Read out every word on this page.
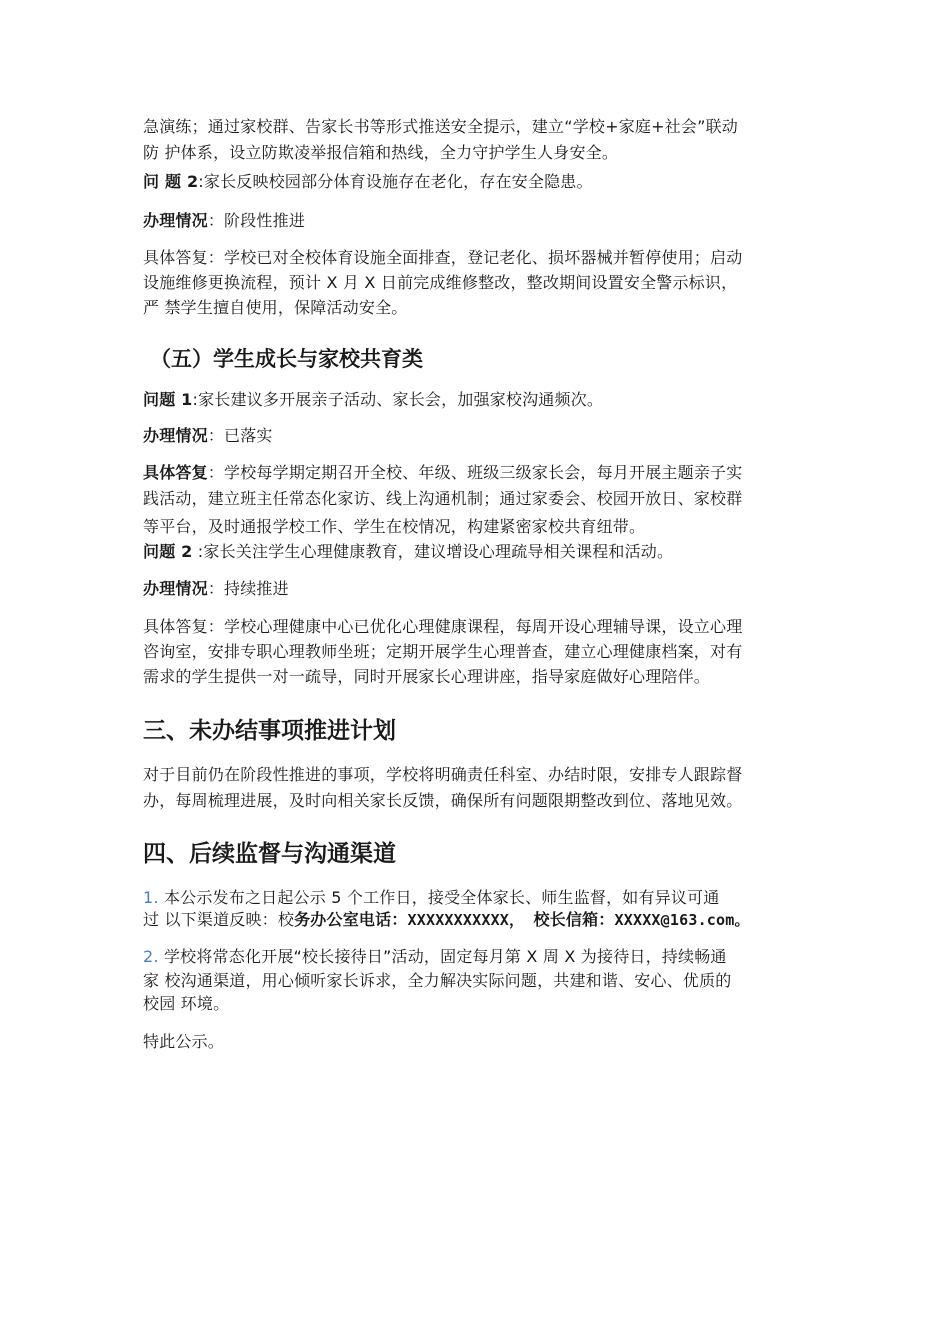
急演练；通过家校群、告家长书等形式推送安全提示，建立“学校+家庭+社会”联动
防 护体系，设立防欺凌举报信箱和热线，全力守护学生人身安全。
问 题 2:家长反映校园部分体育设施存在老化，存在安全隐患。
办理情况：阶段性推进
具体答复：学校已对全校体育设施全面排查，登记老化、损坏器械并暂停使用；启动
设施维修更换流程，预计 X 月 X 日前完成维修整改，整改期间设置安全警示标识，
严 禁学生擅自使用，保障活动安全。
（五）学生成长与家校共育类
问题 1:家长建议多开展亲子活动、家长会，加强家校沟通频次。
办理情况：已落实
具体答复：学校每学期定期召开全校、年级、班级三级家长会，每月开展主题亲子实
践活动，建立班主任常态化家访、线上沟通机制；通过家委会、校园开放日、家校群
等平台，及时通报学校工作、学生在校情况，构建紧密家校共育纽带。
问题 2 :家长关注学生心理健康教育，建议增设心理疏导相关课程和活动。
办理情况：持续推进
具体答复：学校心理健康中心已优化心理健康课程，每周开设心理辅导课，设立心理
咨询室，安排专职心理教师坐班；定期开展学生心理普查，建立心理健康档案，对有
需求的学生提供一对一疏导，同时开展家长心理讲座，指导家庭做好心理陪伴。
三、未办结事项推进计划
对于目前仍在阶段性推进的事项，学校将明确责任科室、办结时限，安排专人跟踪督
办，每周梳理进展，及时向相关家长反馈，确保所有问题限期整改到位、落地见效。
四、后续监督与沟通渠道
1. 本公示发布之日起公示 5 个工作日，接受全体家长、师生监督，如有异议可通
过 以下渠道反映：校务办公室电话：XXXXXXXXXXX， 校长信箱：XXXXX@163.com。
2. 学校将常态化开展“校长接待日”活动，固定每月第 X 周 X 为接待日，持续畅通
家 校沟通渠道，用心倾听家长诉求，全力解决实际问题，共建和谐、安心、优质的
校园 环境。
特此公示。
